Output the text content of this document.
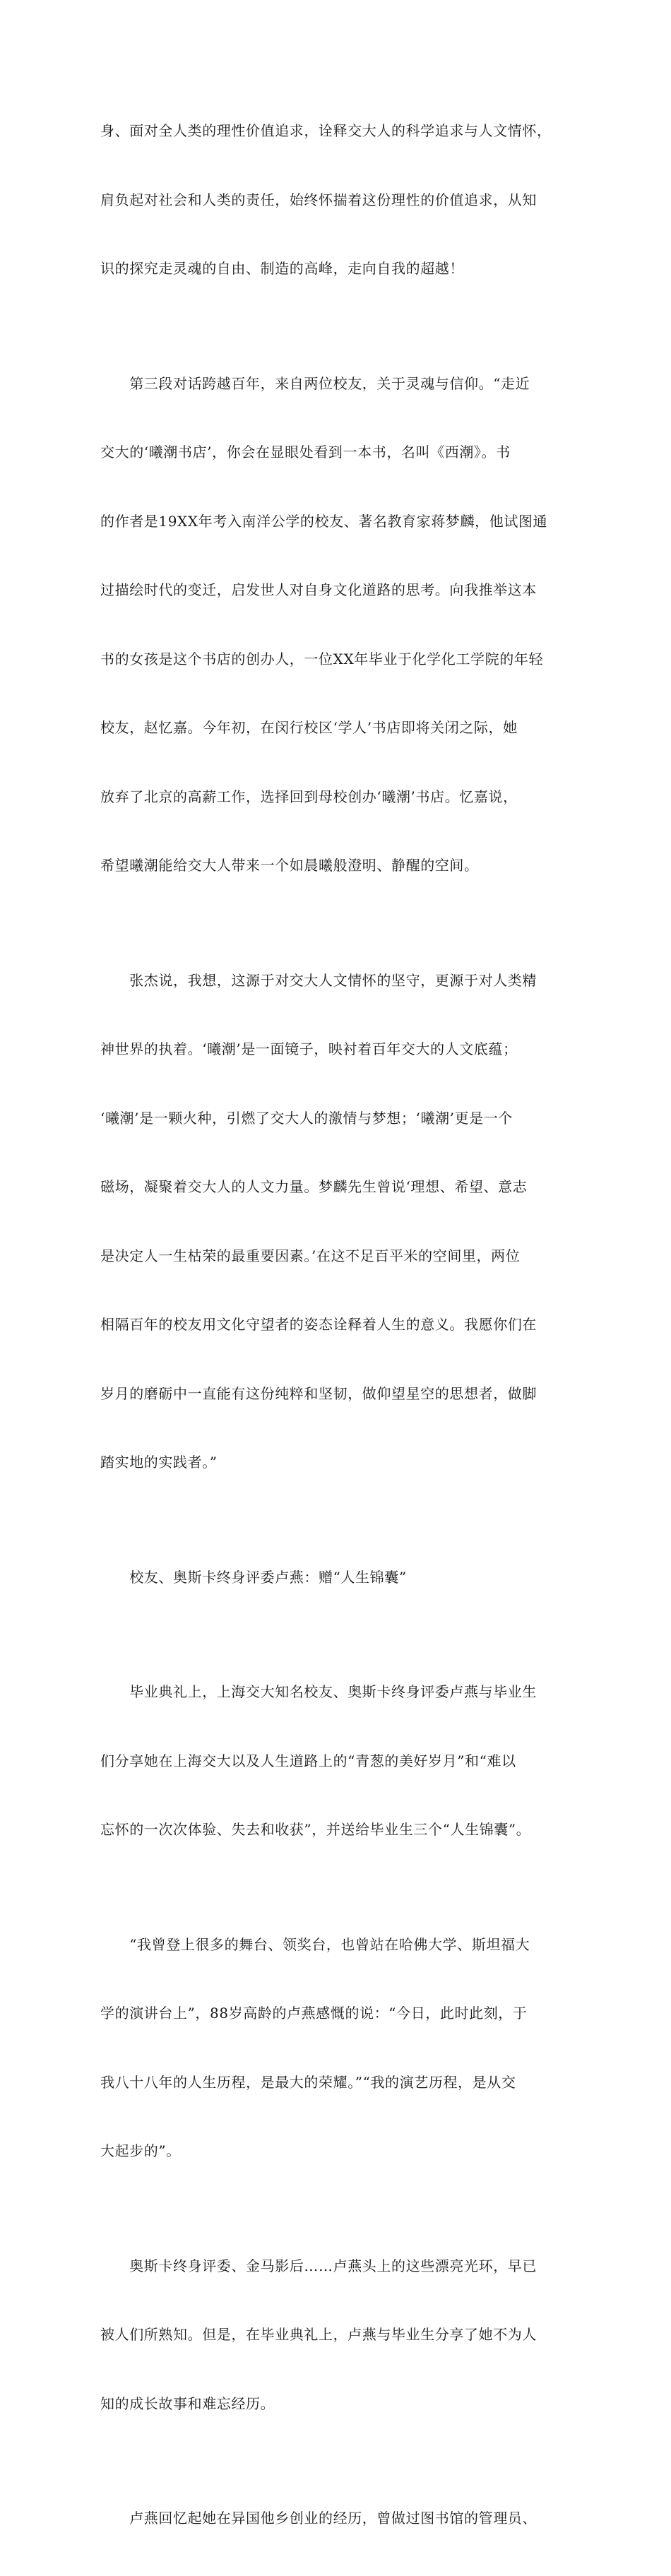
身、面对全人类的理性价值追求，诠释交大人的科学追求与人文情怀，

肩负起对社会和人类的责任，始终怀揣着这份理性的价值追求，从知

识的探究走灵魂的自由、制造的高峰，走向自我的超越！

　　第三段对话跨越百年，来自两位校友，关于灵魂与信仰。“走近

交大的‘曦潮书店’，你会在显眼处看到一本书，名叫《西潮》。书

的作者是19XX年考入南洋公学的校友、著名教育家蒋梦麟，他试图通

过描绘时代的变迁，启发世人对自身文化道路的思考。向我推举这本

书的女孩是这个书店的创办人，一位XX年毕业于化学化工学院的年轻

校友，赵忆嘉。今年初，在闵行校区‘学人’书店即将关闭之际，她

放弃了北京的高薪工作，选择回到母校创办‘曦潮’书店。忆嘉说，

希望曦潮能给交大人带来一个如晨曦般澄明、静醒的空间。

　　张杰说，我想，这源于对交大人文情怀的坚守，更源于对人类精

神世界的执着。‘曦潮’是一面镜子，映衬着百年交大的人文底蕴；

‘曦潮’是一颗火种，引燃了交大人的激情与梦想；‘曦潮’更是一个

磁场，凝聚着交大人的人文力量。梦麟先生曾说‘理想、希望、意志

是决定人一生枯荣的最重要因素。’在这不足百平米的空间里，两位

相隔百年的校友用文化守望者的姿态诠释着人生的意义。我愿你们在

岁月的磨砺中一直能有这份纯粹和坚韧，做仰望星空的思想者，做脚

踏实地的实践者。”

　　校友、奥斯卡终身评委卢燕：赠“人生锦囊”

　　毕业典礼上，上海交大知名校友、奥斯卡终身评委卢燕与毕业生

们分享她在上海交大以及人生道路上的“青葱的美好岁月”和“难以

忘怀的一次次体验、失去和收获”，并送给毕业生三个“人生锦囊”。

　　“我曾登上很多的舞台、领奖台，也曾站在哈佛大学、斯坦福大

学的演讲台上”，88岁高龄的卢燕感慨的说：“今日，此时此刻，于

我八十八年的人生历程，是最大的荣耀。”“我的演艺历程，是从交

大起步的”。

　　奥斯卡终身评委、金马影后……卢燕头上的这些漂亮光环，早已

被人们所熟知。但是，在毕业典礼上，卢燕与毕业生分享了她不为人

知的成长故事和难忘经历。

　　卢燕回忆起她在异国他乡创业的经历，曾做过图书馆的管理员、
